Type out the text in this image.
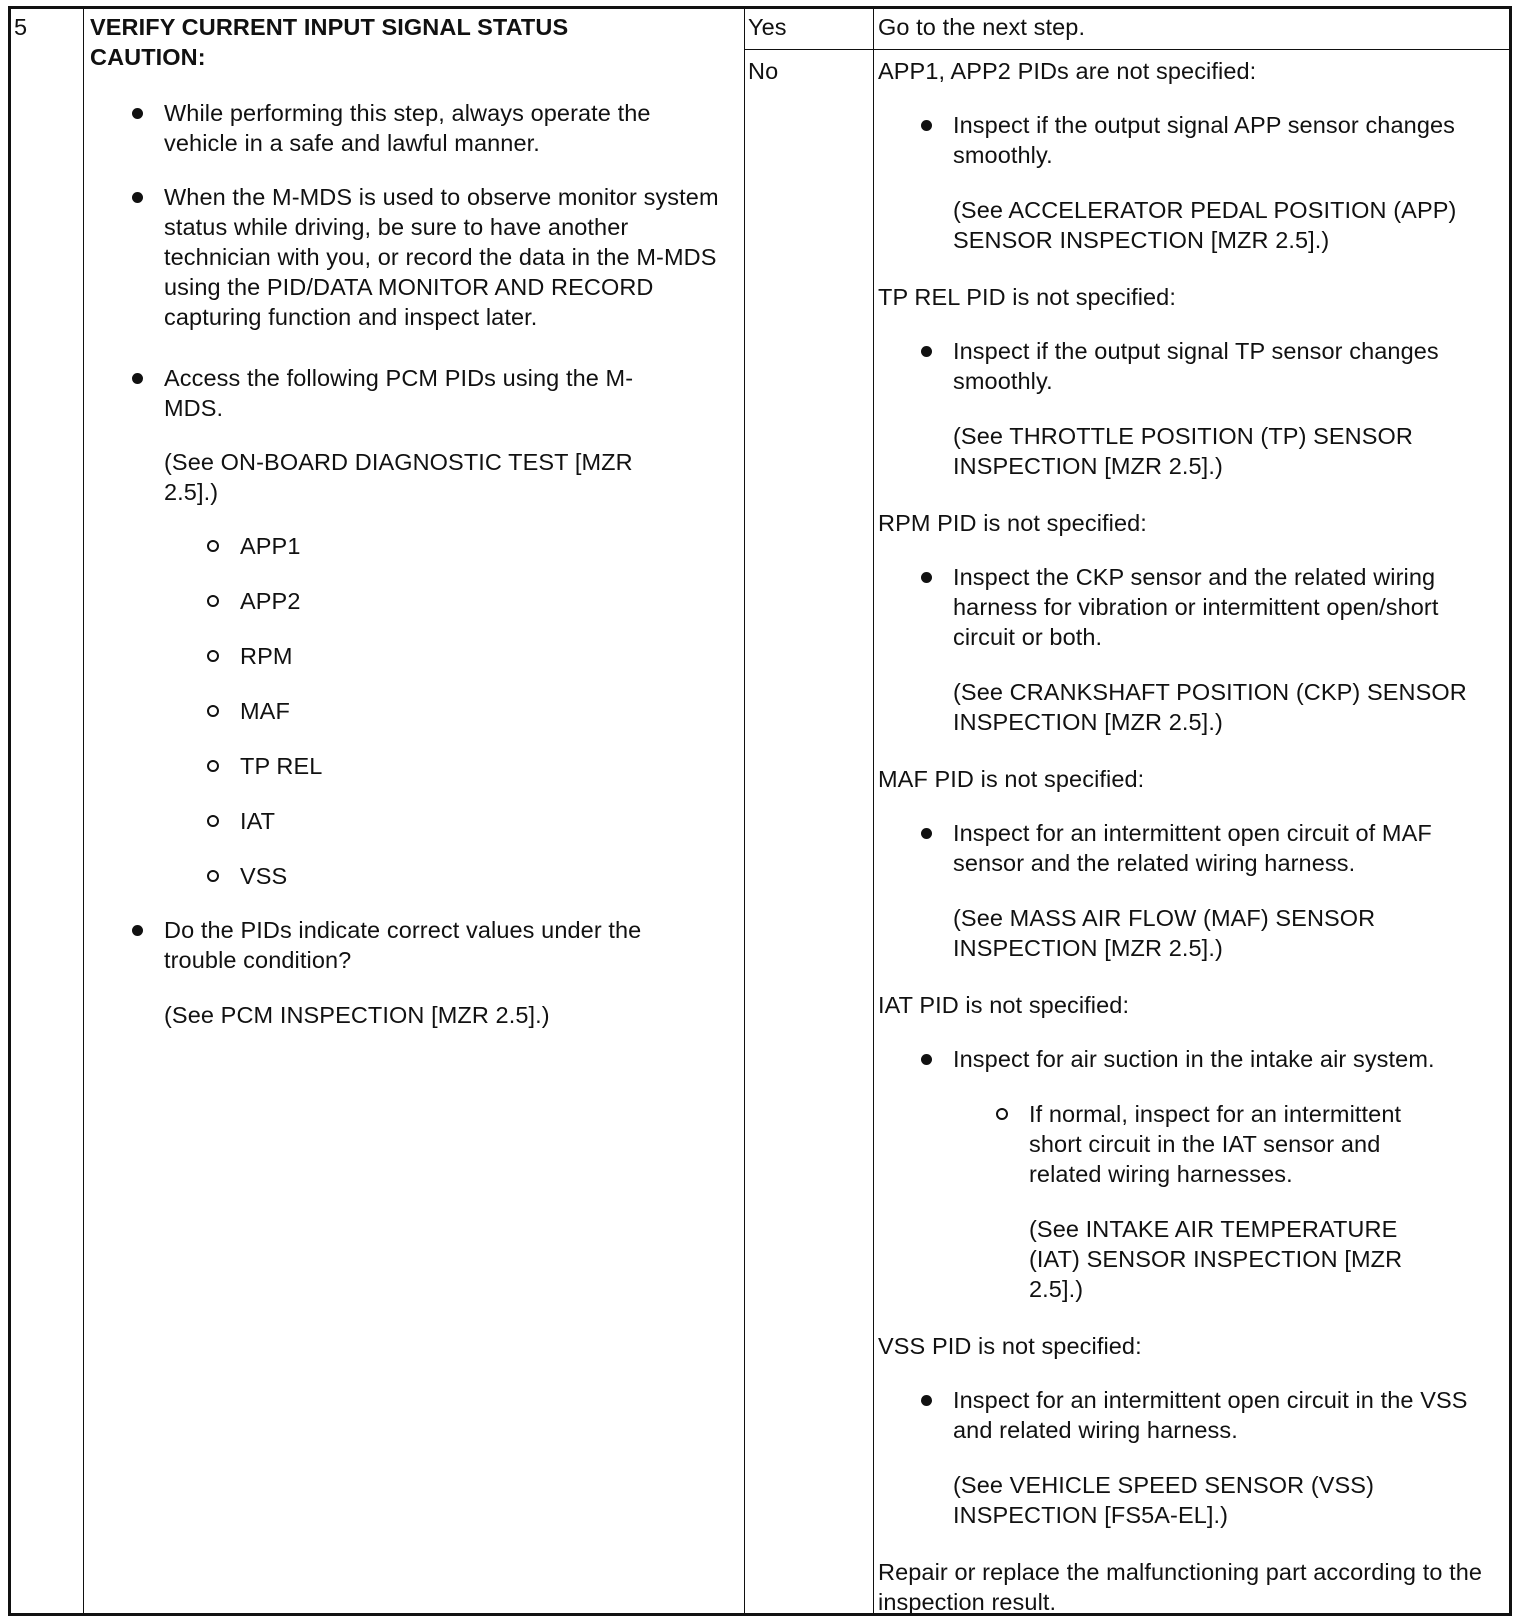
5	VERIFY CURRENT INPUT SIGNAL STATUS
CAUTION:
While performing this step, always operate the vehicle in a safe and lawful manner.
When the M-MDS is used to observe monitor system status while driving, be sure to have another technician with you, or record the data in the M-MDS using the PID/DATA MONITOR AND RECORD capturing function and inspect later.
Access the following PCM PIDs using the M-MDS.
(See ON-BOARD DIAGNOSTIC TEST [MZR 2.5].)
APP1
APP2
RPM
MAF
TP REL
IAT
VSS
Do the PIDs indicate correct values under the trouble condition?
(See PCM INSPECTION [MZR 2.5].)
Yes
No
Go to the next step.
APP1, APP2 PIDs are not specified:
Inspect if the output signal APP sensor changes smoothly.
(See ACCELERATOR PEDAL POSITION (APP) SENSOR INSPECTION [MZR 2.5].)
TP REL PID is not specified:
Inspect if the output signal TP sensor changes smoothly.
(See THROTTLE POSITION (TP) SENSOR INSPECTION [MZR 2.5].)
RPM PID is not specified:
Inspect the CKP sensor and the related wiring harness for vibration or intermittent open/short circuit or both.
(See CRANKSHAFT POSITION (CKP) SENSOR INSPECTION [MZR 2.5].)
MAF PID is not specified:
Inspect for an intermittent open circuit of MAF sensor and the related wiring harness.
(See MASS AIR FLOW (MAF) SENSOR INSPECTION [MZR 2.5].)
IAT PID is not specified:
Inspect for air suction in the intake air system.
If normal, inspect for an intermittent short circuit in the IAT sensor and related wiring harnesses.
(See INTAKE AIR TEMPERATURE (IAT) SENSOR INSPECTION [MZR 2.5].)
VSS PID is not specified:
Inspect for an intermittent open circuit in the VSS and related wiring harness.
(See VEHICLE SPEED SENSOR (VSS) INSPECTION [FS5A-EL].)
Repair or replace the malfunctioning part according to the inspection result.
